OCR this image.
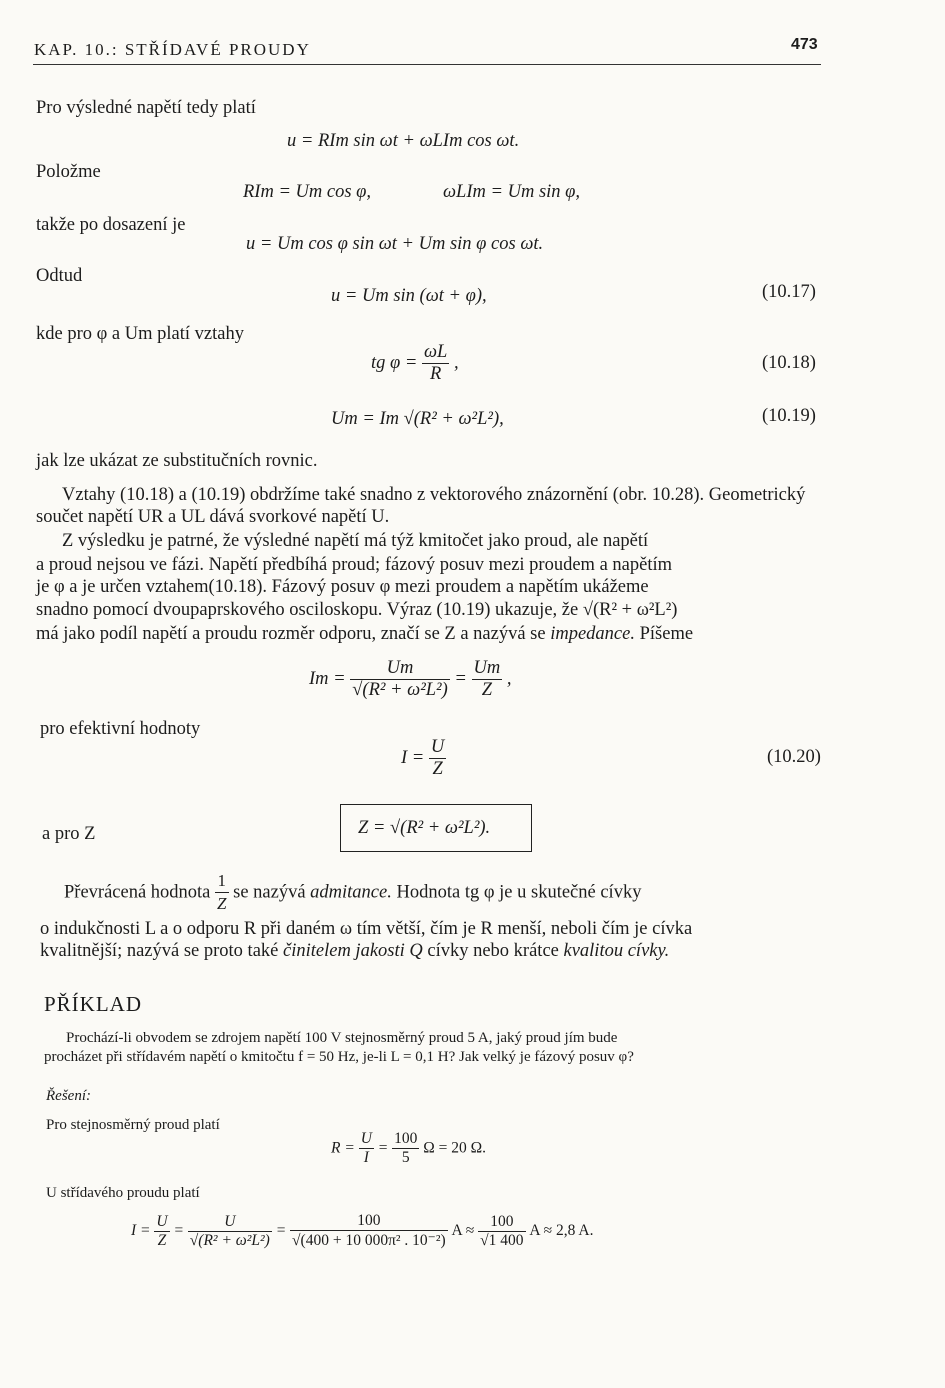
KAP. 10.: STŘÍDAVÉ PROUDY	473
Pro výsledné napětí tedy platí
u = RIm sin ωt + ωLIm cos ωt.
Položme
RIm = Um cos φ,	ωLIm = Um sin φ,
takže po dosazení je
u = Um cos φ sin ωt + Um sin φ cos ωt.
Odtud
u = Um sin (ωt + φ),	(10.17)
kde pro φ a Um platí vztahy
tg $\varphi = \frac{\omega L}{R}$ ,	(10.18)
Um = Im √(R² + ω²L²),	(10.19)
jak lze ukázat ze substitučních rovnic.
Vztahy (10.18) a (10.19) obdržíme také snadno z vektorového znázornění (obr. 10.28). Geometrický součet napětí UR a UL dává svorkové napětí U.
Z výsledku je patrné, že výsledné napětí má týž kmitočet jako proud, ale napětí
a proud nejsou ve fázi. Napětí předbíhá proud; fázový posuv mezi proudem a napětím
je φ a je určen vztahem(10.18). Fázový posuv φ mezi proudem a napětím ukážeme
snadno pomocí dvoupaprskového osciloskopu. Výraz (10.19) ukazuje, že √(R² + ω²L²)
má jako podíl napětí a proudu rozměr odporu, značí se Z a nazývá se impedance. Píšeme
$Im = \frac{Um}{\text{√(R² + ω²L²)}} = \frac{Um}{Z}$ ,
pro efektivní hodnoty
$I = \frac{U}{Z}$	(10.20)
a pro Z	Z = √(R² + ω²L²).
Převrácená hodnota $\frac{1}{Z}$ se nazývá admitance. Hodnota tg φ je u skutečné cívky
o indukčnosti L a o odporu R při daném ω tím větší, čím je R menší, neboli čím je cívka
kvalitnější; nazývá se proto také činitelem jakosti Q cívky nebo krátce kvalitou cívky.
PŘÍKLAD
Prochází-li obvodem se zdrojem napětí 100 V stejnosměrný proud 5 A, jaký proud jím bude
procházet při střídavém napětí o kmitočtu f = 50 Hz, je-li L = 0,1 H? Jak velký je fázový posuv φ?
Řešení:
Pro stejnosměrný proud platí
$R = \frac{U}{I} = \frac{100}{5}$ Ω = 20 Ω.
U střídavého proudu platí
$I = \frac{U}{Z} = \frac{U}{\text{√(R² + ω²L²)}} = \frac{100}{\text{√(400 + 10 000π² . 10⁻²)}}$ $A \approx \frac{100}{√1 400}$ A ≈ 2,8 A.
